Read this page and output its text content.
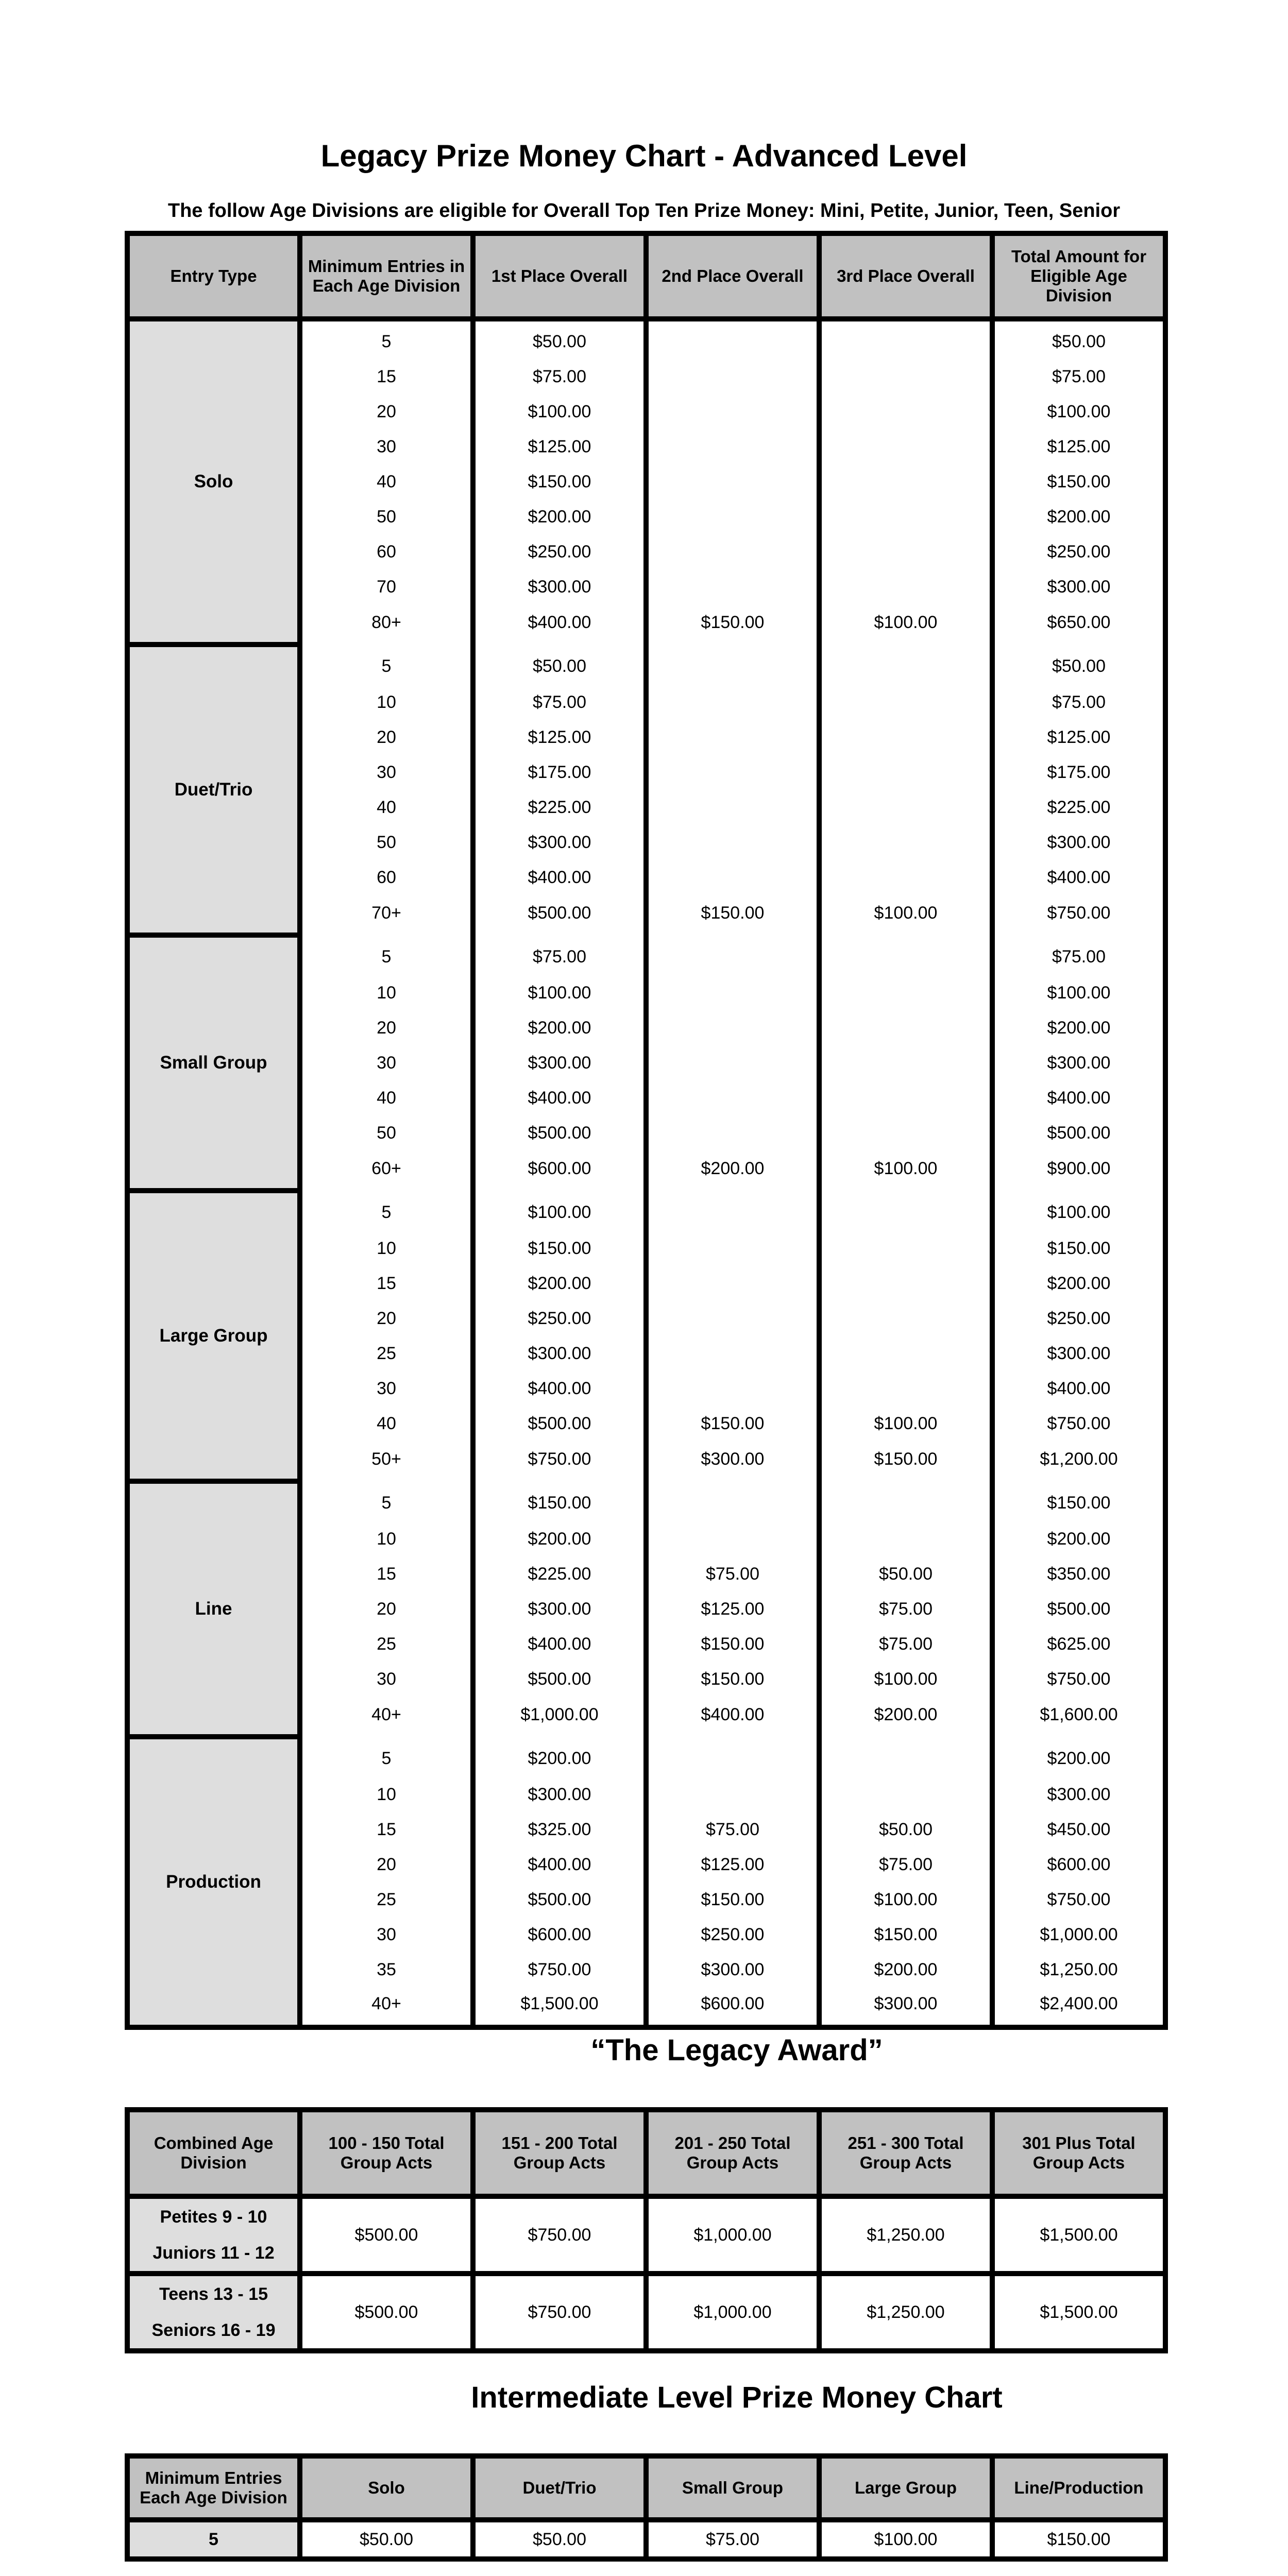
Legacy Prize Money Chart - Advanced Level
The follow Age Divisions are eligible for Overall Top Ten Prize Money: Mini, Petite, Junior, Teen, Senior
Entry Type	Minimum Entries in Each Age Division	1st Place Overall	2nd Place Overall	3rd Place Overall	Total Amount for Eligible Age Division
Solo	5	$50.00			$50.00
	15	$75.00			$75.00
	20	$100.00			$100.00
	30	$125.00			$125.00
	40	$150.00			$150.00
	50	$200.00			$200.00
	60	$250.00			$250.00
	70	$300.00			$300.00
	80+	$400.00	$150.00	$100.00	$650.00
Duet/Trio	5	$50.00			$50.00
	10	$75.00			$75.00
	20	$125.00			$125.00
	30	$175.00			$175.00
	40	$225.00			$225.00
	50	$300.00			$300.00
	60	$400.00			$400.00
	70+	$500.00	$150.00	$100.00	$750.00
Small Group	5	$75.00			$75.00
	10	$100.00			$100.00
	20	$200.00			$200.00
	30	$300.00			$300.00
	40	$400.00			$400.00
	50	$500.00			$500.00
	60+	$600.00	$200.00	$100.00	$900.00
Large Group	5	$100.00			$100.00
	10	$150.00			$150.00
	15	$200.00			$200.00
	20	$250.00			$250.00
	25	$300.00			$300.00
	30	$400.00			$400.00
	40	$500.00	$150.00	$100.00	$750.00
	50+	$750.00	$300.00	$150.00	$1,200.00
Line	5	$150.00			$150.00
	10	$200.00			$200.00
	15	$225.00	$75.00	$50.00	$350.00
	20	$300.00	$125.00	$75.00	$500.00
	25	$400.00	$150.00	$75.00	$625.00
	30	$500.00	$150.00	$100.00	$750.00
	40+	$1,000.00	$400.00	$200.00	$1,600.00
Production	5	$200.00			$200.00
	10	$300.00			$300.00
	15	$325.00	$75.00	$50.00	$450.00
	20	$400.00	$125.00	$75.00	$600.00
	25	$500.00	$150.00	$100.00	$750.00
	30	$600.00	$250.00	$150.00	$1,000.00
	35	$750.00	$300.00	$200.00	$1,250.00
	40+	$1,500.00	$600.00	$300.00	$2,400.00
“The Legacy Award”
Combined Age Division	100 - 150 Total Group Acts	151 - 200 Total Group Acts	201 - 250 Total Group Acts	251 - 300 Total Group Acts	301 Plus Total Group Acts

Petites 9 - 10
Juniors 11 - 12	$500.00	$750.00	$1,000.00	$1,250.00	$1,500.00

Teens 13 - 15
Seniors 16 - 19	$500.00	$750.00	$1,000.00	$1,250.00	$1,500.00
Intermediate Level Prize Money Chart
Minimum Entries Each Age Division	Solo	Duet/Trio	Small Group	Large Group	Line/Production
5	$50.00	$50.00	$75.00	$100.00	$150.00
